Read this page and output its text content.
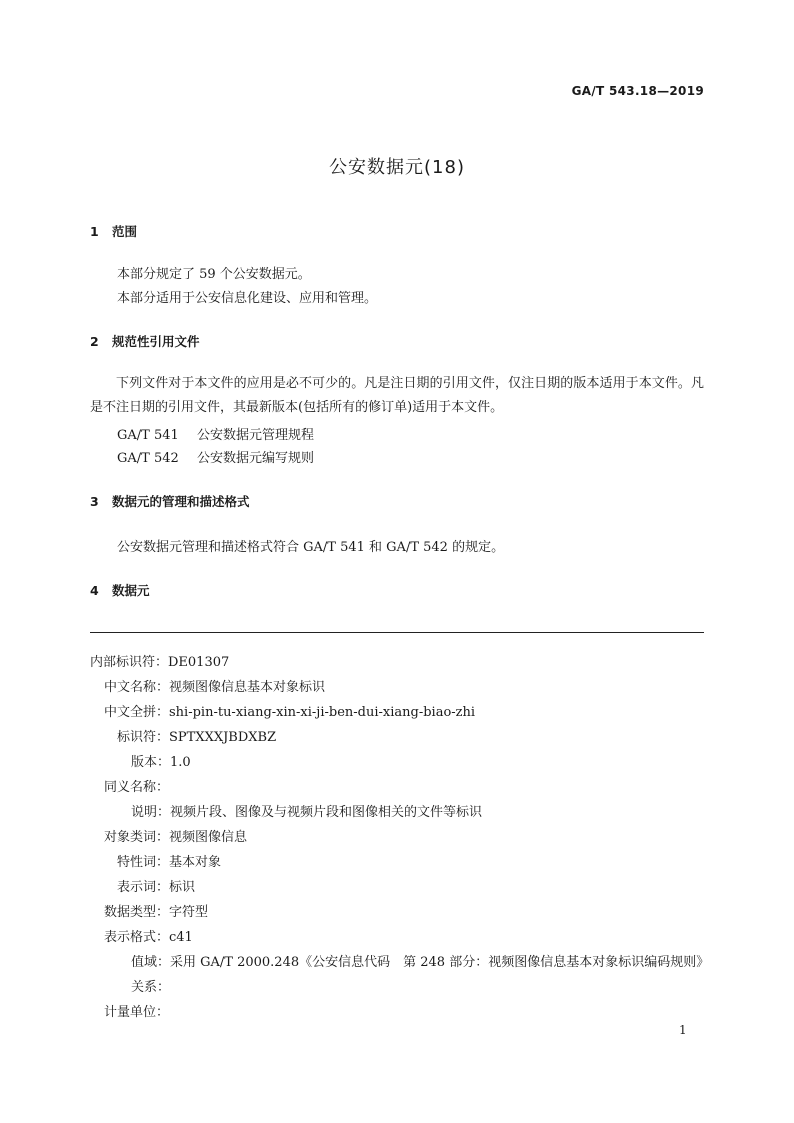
GA/T 543.18—2019
公安数据元(18)
1 范围
本部分规定了 59 个公安数据元。
本部分适用于公安信息化建设、应用和管理。
2 规范性引用文件
下列文件对于本文件的应用是必不可少的。凡是注日期的引用文件，仅注日期的版本适用于本文件。凡是不注日期的引用文件，其最新版本(包括所有的修订单)适用于本文件。
GA/T 541 公安数据元管理规程
GA/T 542 公安数据元编写规则
3 数据元的管理和描述格式
公安数据元管理和描述格式符合 GA/T 541 和 GA/T 542 的规定。
4 数据元
内部标识符：DE01307
中文名称：视频图像信息基本对象标识
中文全拼：shi-pin-tu-xiang-xin-xi-ji-ben-dui-xiang-biao-zhi
标识符：SPTXXXJBDXBZ
版本：1.0
同义名称：
说明：视频片段、图像及与视频片段和图像相关的文件等标识
对象类词：视频图像信息
特性词：基本对象
表示词：标识
数据类型：字符型
表示格式：c41
值域：采用 GA/T 2000.248《公安信息代码　第 248 部分：视频图像信息基本对象标识编码规则》
关系：
计量单位：
1
